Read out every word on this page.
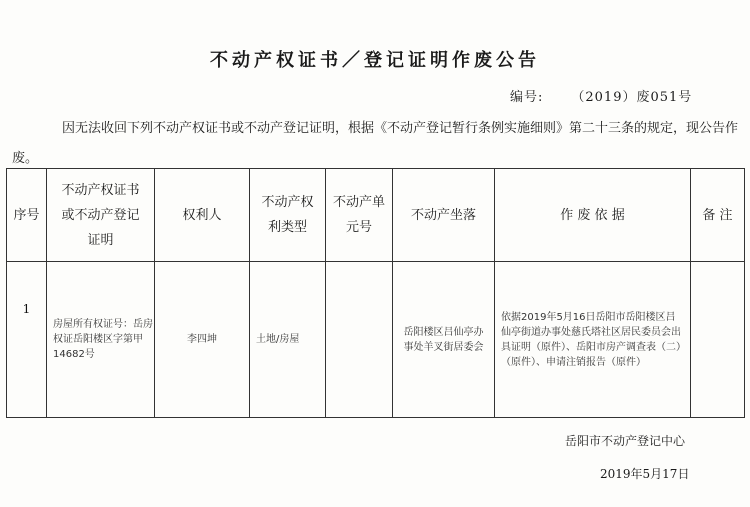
不动产权证书／登记证明作废公告
编号: （2019）废051号
因无法收回下列不动产权证书或不动产登记证明，根据《不动产登记暂行条例实施细则》第二十三条的规定，现公告作废。
序号	不动产权证书或不动产登记证明	权利人	不动产权利类型	不动产单元号	不动产坐落	作 废 依 据	备 注
1	房屋所有权证号：岳房权证岳阳楼区字第甲14682号	李四坤	土地/房屋		岳阳楼区吕仙亭办事处羊叉街居委会	依据2019年5月16日岳阳市岳阳楼区吕仙亭街道办事处慈氏塔社区居民委员会出具证明（原件）、岳阳市房产调查表（二）（原件）、申请注销报告（原件）	
岳阳市不动产登记中心
2019年5月17日
